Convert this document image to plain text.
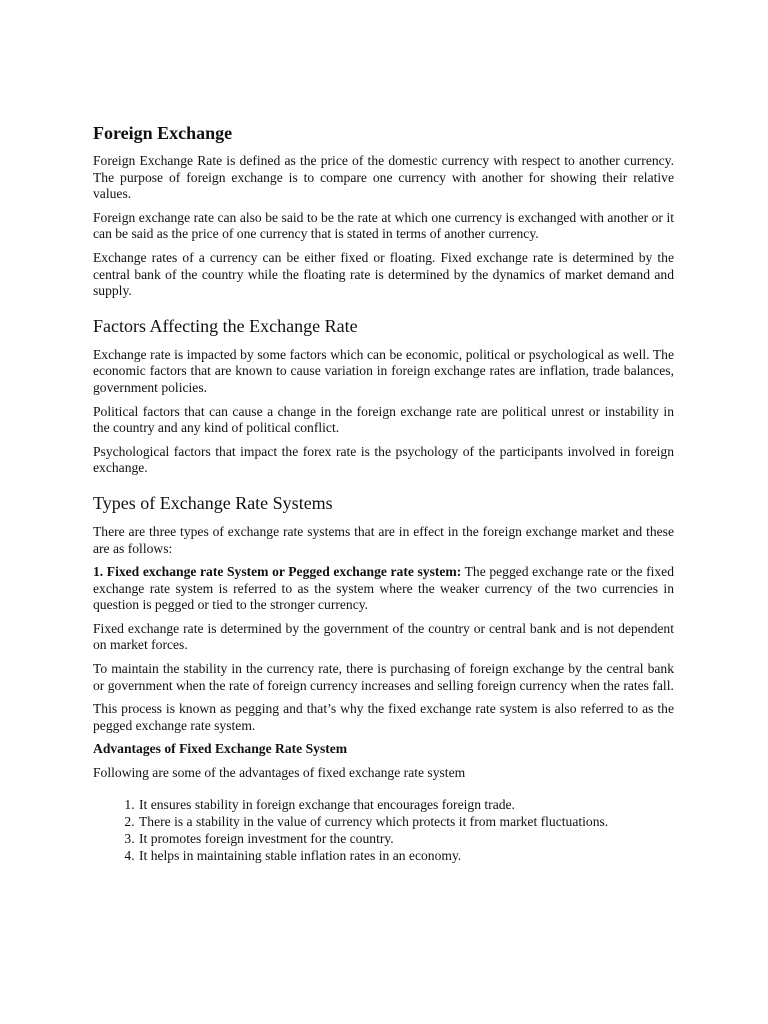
Foreign Exchange

Foreign Exchange Rate is defined as the price of the domestic currency with respect to another currency. The purpose of foreign exchange is to compare one currency with another for showing their relative values.

Foreign exchange rate can also be said to be the rate at which one currency is exchanged with another or it can be said as the price of one currency that is stated in terms of another currency.

Exchange rates of a currency can be either fixed or floating. Fixed exchange rate is determined by the central bank of the country while the floating rate is determined by the dynamics of market demand and supply.

Factors Affecting the Exchange Rate

Exchange rate is impacted by some factors which can be economic, political or psychological as well. The economic factors that are known to cause variation in foreign exchange rates are inflation, trade balances, government policies.

Political factors that can cause a change in the foreign exchange rate are political unrest or instability in the country and any kind of political conflict.

Psychological factors that impact the forex rate is the psychology of the participants involved in foreign exchange.

Types of Exchange Rate Systems

There are three types of exchange rate systems that are in effect in the foreign exchange market and these are as follows:

1. Fixed exchange rate System or Pegged exchange rate system: The pegged exchange rate or the fixed exchange rate system is referred to as the system where the weaker currency of the two currencies in question is pegged or tied to the stronger currency.

Fixed exchange rate is determined by the government of the country or central bank and is not dependent on market forces.

To maintain the stability in the currency rate, there is purchasing of foreign exchange by the central bank or government when the rate of foreign currency increases and selling foreign currency when the rates fall.

This process is known as pegging and that’s why the fixed exchange rate system is also referred to as the pegged exchange rate system.

Advantages of Fixed Exchange Rate System

Following are some of the advantages of fixed exchange rate system

1. It ensures stability in foreign exchange that encourages foreign trade.
2. There is a stability in the value of currency which protects it from market fluctuations.
3. It promotes foreign investment for the country.
4. It helps in maintaining stable inflation rates in an economy.
